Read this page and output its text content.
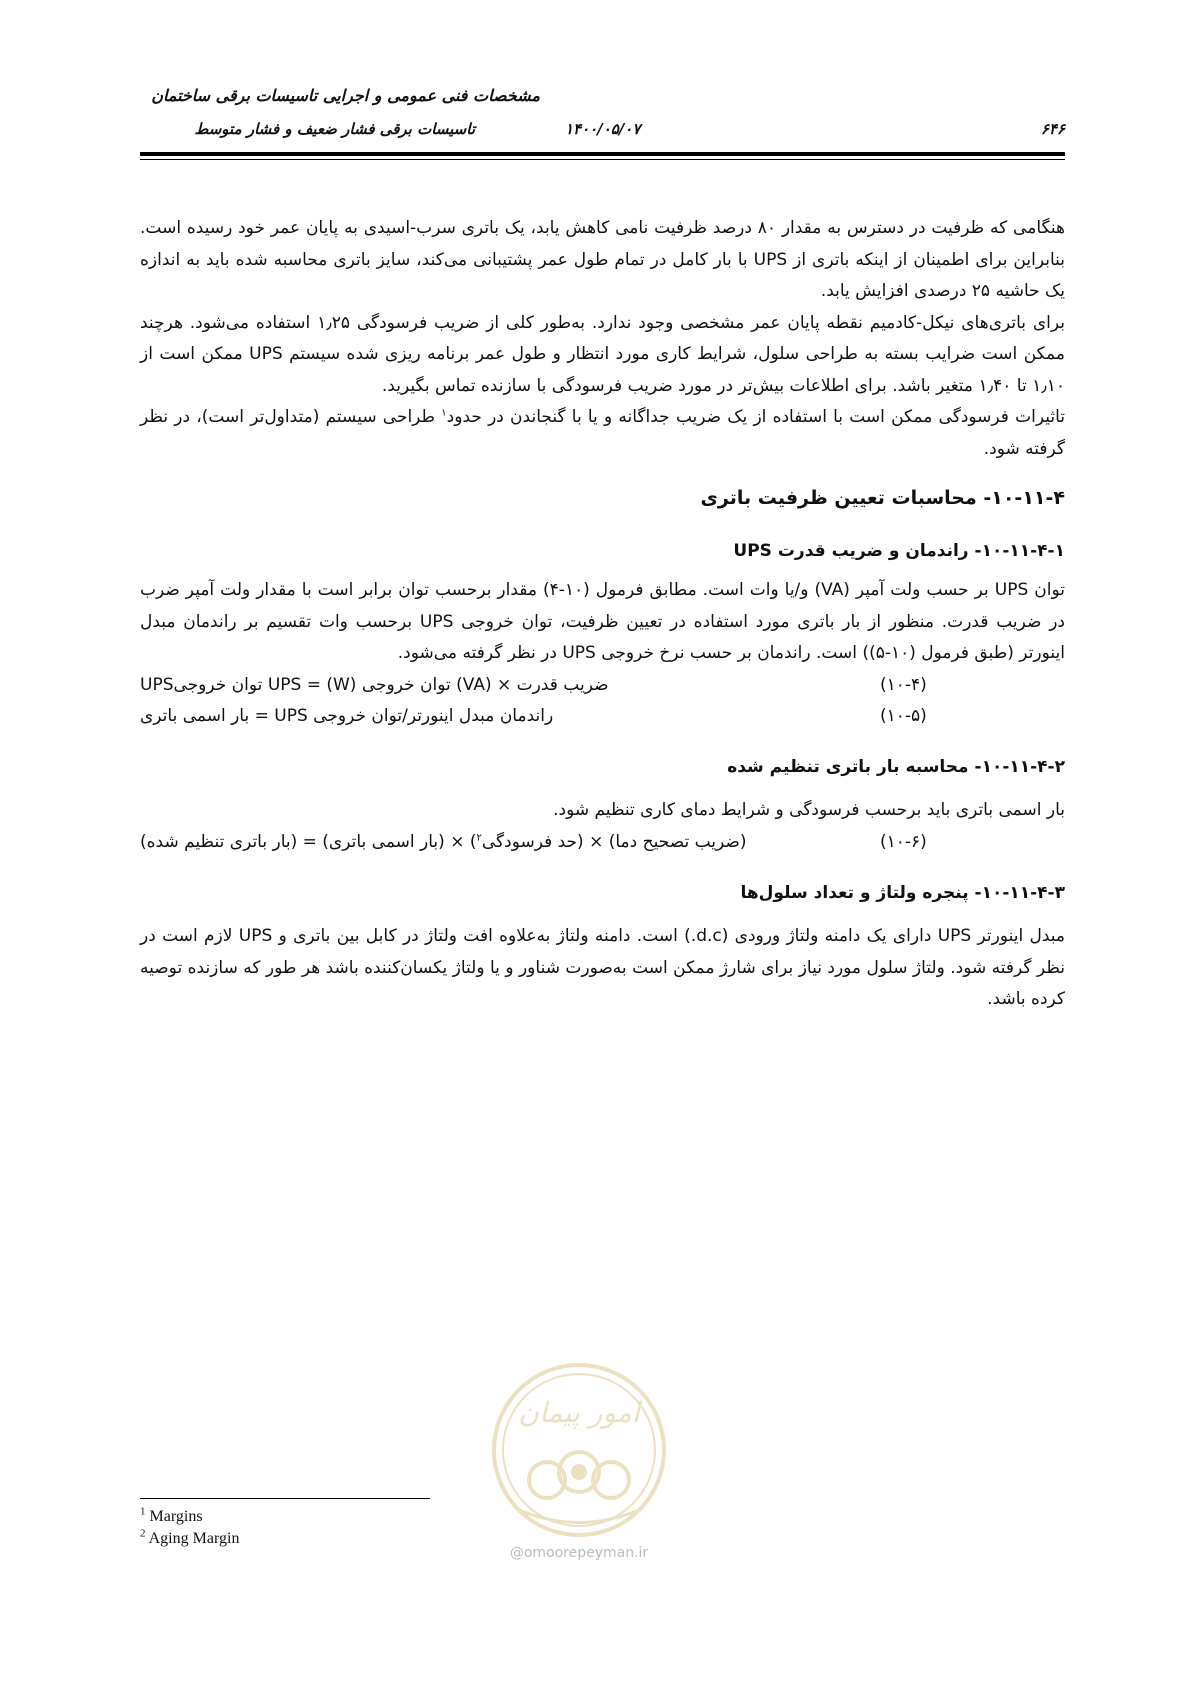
مشخصات فنی عمومی و اجرایی تاسیسات برقی ساختمان
تاسیسات برقی فشار ضعیف و فشار متوسط	۱۴۰۰/۰۵/۰۷	۶۴۶

هنگامی که ظرفیت در دسترس به مقدار ۸۰ درصد ظرفیت نامی کاهش یابد، یک باتری سرب-اسیدی به پایان عمر خود رسیده است. بنابراین برای اطمینان از اینکه باتری از UPS با بار کامل در تمام طول عمر پشتیبانی می‌کند، سایز باتری محاسبه شده باید به اندازه یک حاشیه ۲۵ درصدی افزایش یابد.

برای باتری‌های نیکل-کادمیم نقطه پایان عمر مشخصی وجود ندارد. به‌طور کلی از ضریب فرسودگی ۱٫۲۵ استفاده می‌شود. هرچند ممکن است ضرایب بسته به طراحی سلول، شرایط کاری مورد انتظار و طول عمر برنامه ریزی شده سیستم UPS ممکن است از ۱٫۱۰ تا ۱٫۴۰ متغیر باشد. برای اطلاعات بیش‌تر در مورد ضریب فرسودگی با سازنده تماس بگیرید.

تاثیرات فرسودگی ممکن است با استفاده از یک ضریب جداگانه و یا با گنجاندن در حدود$^۱$ طراحی سیستم (متداول‌تر است)، در نظر گرفته شود.

۱۰-۱۱-۴- محاسبات تعیین ظرفیت باتری

۱۰-۱۱-۴-۱- راندمان و ضریب قدرت UPS

توان UPS بر حسب ولت آمپر (VA) و/یا وات است. مطابق فرمول (۱۰-۴) مقدار برحسب توان برابر است با مقدار ولت آمپر ضرب در ضریب قدرت. منظور از بار باتری مورد استفاده در تعیین ظرفیت، توان خروجی UPS برحسب وات تقسیم بر راندمان مبدل اینورتر (طبق فرمول (۱۰-۵)) است. راندمان بر حسب نرخ خروجی UPS در نظر گرفته می‌شود.

ضریب قدرت × (VA) توان خروجی UPS = (W) توان خروجیUPS	(۱۰-۴)
راندمان مبدل اینورتر/توان خروجی UPS = بار اسمی باتری	(۱۰-۵)

۱۰-۱۱-۴-۲- محاسبه بار باتری تنظیم شده

بار اسمی باتری باید برحسب فرسودگی و شرایط دمای کاری تنظیم شود.

(ضریب تصحیح دما) × (حد فرسودگی$^۲$) × (بار اسمی باتری) = (بار باتری تنظیم شده)	(۱۰-۶)

۱۰-۱۱-۴-۳- پنجره ولتاژ و تعداد سلول‌ها

مبدل اینورتر UPS دارای یک دامنه ولتاژ ورودی (d.c.) است. دامنه ولتاژ به‌علاوه افت ولتاژ در کابل بین باتری و UPS لازم است در نظر گرفته شود. ولتاژ سلول مورد نیاز برای شارژ ممکن است به‌صورت شناور و یا ولتاژ یکسان‌کننده باشد هر طور که سازنده توصیه کرده باشد.

امور پیمان
@omoorepeyman.ir
$^1$ Margins
$^2$ Aging Margin
